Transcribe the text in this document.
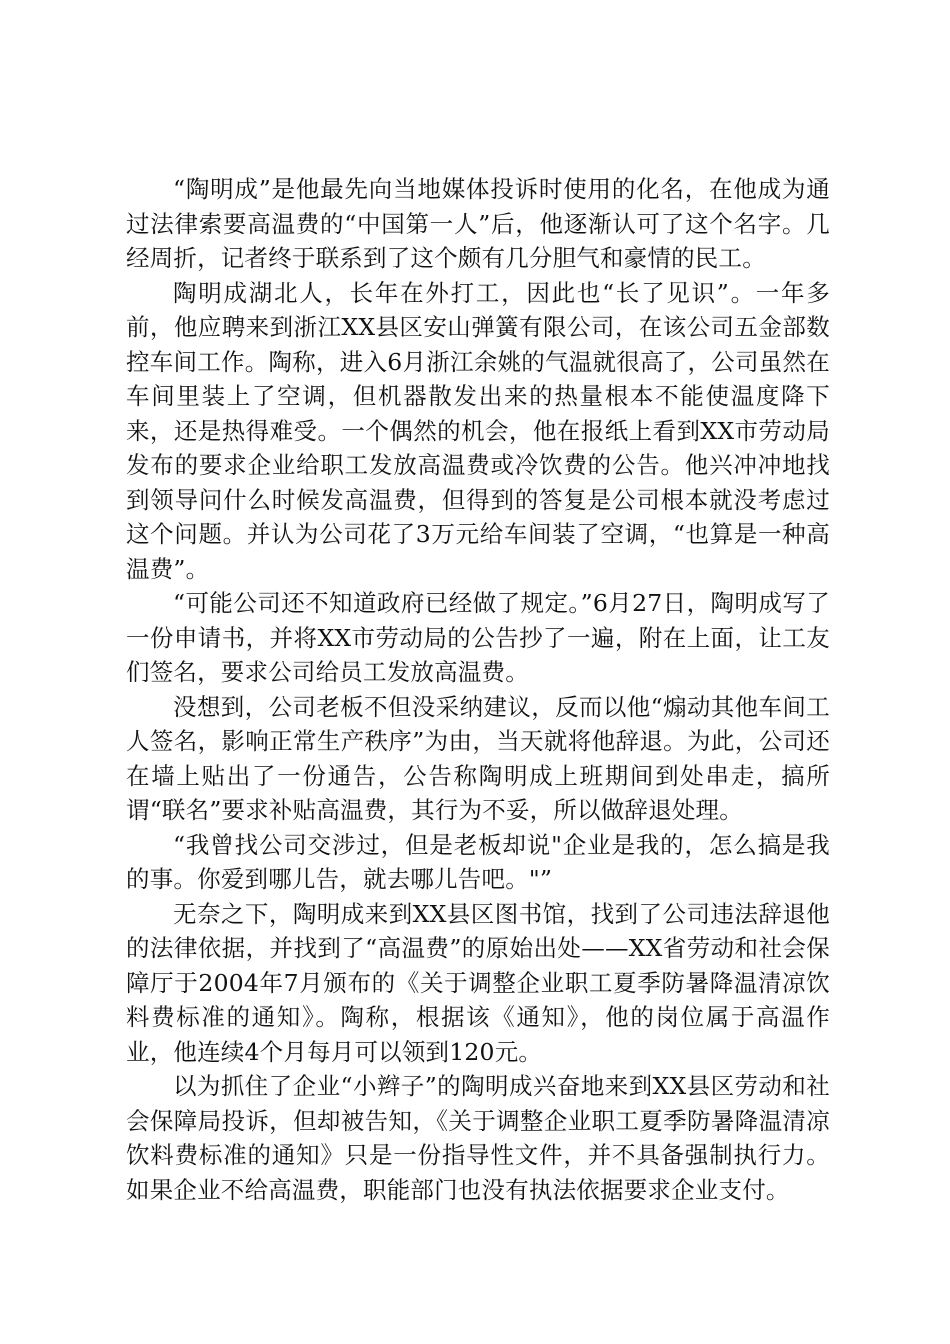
“陶明成”是他最先向当地媒体投诉时使用的化名，在他成为通过法律索要高温费的“中国第一人”后，他逐渐认可了这个名字。几经周折，记者终于联系到了这个颇有几分胆气和豪情的民工。

陶明成湖北人，长年在外打工，因此也“长了见识”。一年多前，他应聘来到浙江XX县区安山弹簧有限公司，在该公司五金部数控车间工作。陶称，进入6月浙江余姚的气温就很高了，公司虽然在车间里装上了空调，但机器散发出来的热量根本不能使温度降下来，还是热得难受。一个偶然的机会，他在报纸上看到XX市劳动局发布的要求企业给职工发放高温费或冷饮费的公告。他兴冲冲地找到领导问什么时候发高温费，但得到的答复是公司根本就没考虑过这个问题。并认为公司花了3万元给车间装了空调，“也算是一种高温费”。

“可能公司还不知道政府已经做了规定。”6月27日，陶明成写了一份申请书，并将XX市劳动局的公告抄了一遍，附在上面，让工友们签名，要求公司给员工发放高温费。

没想到，公司老板不但没采纳建议，反而以他“煽动其他车间工人签名，影响正常生产秩序”为由，当天就将他辞退。为此，公司还在墙上贴出了一份通告，公告称陶明成上班期间到处串走，搞所谓“联名”要求补贴高温费，其行为不妥，所以做辞退处理。

“我曾找公司交涉过，但是老板却说"企业是我的，怎么搞是我的事。你爱到哪儿告，就去哪儿告吧。"”

无奈之下，陶明成来到XX县区图书馆，找到了公司违法辞退他的法律依据，并找到了“高温费”的原始出处——XX省劳动和社会保障厅于2004年7月颁布的《关于调整企业职工夏季防暑降温清凉饮料费标准的通知》。陶称，根据该《通知》，他的岗位属于高温作业，他连续4个月每月可以领到120元。

以为抓住了企业“小辫子”的陶明成兴奋地来到XX县区劳动和社会保障局投诉，但却被告知，《关于调整企业职工夏季防暑降温清凉饮料费标准的通知》只是一份指导性文件，并不具备强制执行力。如果企业不给高温费，职能部门也没有执法依据要求企业支付。
